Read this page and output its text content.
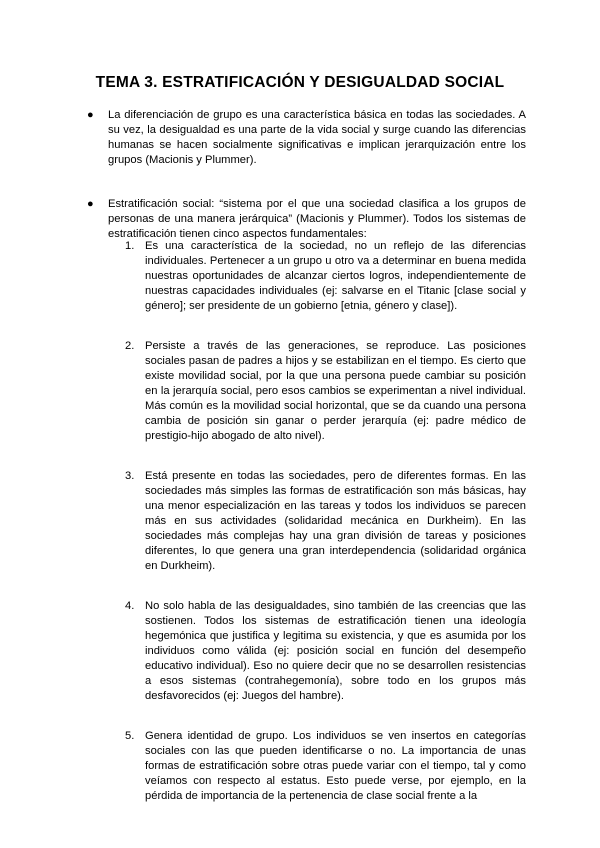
TEMA 3. ESTRATIFICACIÓN Y DESIGUALDAD SOCIAL
● La diferenciación de grupo es una característica básica en todas las sociedades. A su vez, la desigualdad es una parte de la vida social y surge cuando las diferencias humanas se hacen socialmente significativas e implican jerarquización entre los grupos (Macionis y Plummer).
● Estratificación social: “sistema por el que una sociedad clasifica a los grupos de personas de una manera jerárquica” (Macionis y Plummer). Todos los sistemas de estratificación tienen cinco aspectos fundamentales:
1. Es una característica de la sociedad, no un reflejo de las diferencias individuales. Pertenecer a un grupo u otro va a determinar en buena medida nuestras oportunidades de alcanzar ciertos logros, independientemente de nuestras capacidades individuales (ej: salvarse en el Titanic [clase social y género]; ser presidente de un gobierno [etnia, género y clase]).
2. Persiste a través de las generaciones, se reproduce. Las posiciones sociales pasan de padres a hijos y se estabilizan en el tiempo. Es cierto que existe movilidad social, por la que una persona puede cambiar su posición en la jerarquía social, pero esos cambios se experimentan a nivel individual. Más común es la movilidad social horizontal, que se da cuando una persona cambia de posición sin ganar o perder jerarquía (ej: padre médico de prestigio-hijo abogado de alto nivel).
3. Está presente en todas las sociedades, pero de diferentes formas. En las sociedades más simples las formas de estratificación son más básicas, hay una menor especialización en las tareas y todos los individuos se parecen más en sus actividades (solidaridad mecánica en Durkheim). En las sociedades más complejas hay una gran división de tareas y posiciones diferentes, lo que genera una gran interdependencia (solidaridad orgánica en Durkheim).
4. No solo habla de las desigualdades, sino también de las creencias que las sostienen. Todos los sistemas de estratificación tienen una ideología hegemónica que justifica y legitima su existencia, y que es asumida por los individuos como válida (ej: posición social en función del desempeño educativo individual). Eso no quiere decir que no se desarrollen resistencias a esos sistemas (contrahegemonía), sobre todo en los grupos más desfavorecidos (ej: Juegos del hambre).
5. Genera identidad de grupo. Los individuos se ven insertos en categorías sociales con las que pueden identificarse o no. La importancia de unas formas de estratificación sobre otras puede variar con el tiempo, tal y como veíamos con respecto al estatus. Esto puede verse, por ejemplo, en la pérdida de importancia de la pertenencia de clase social frente a la
